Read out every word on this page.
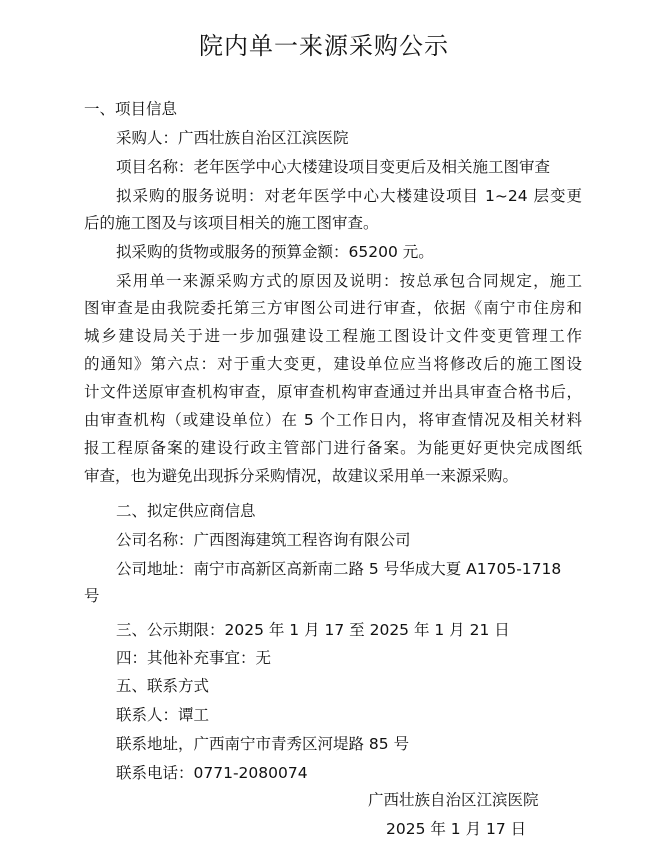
院内单一来源采购公示
一、项目信息
采购人：广西壮族自治区江滨医院
项目名称：老年医学中心大楼建设项目变更后及相关施工图审查
拟采购的服务说明：对老年医学中心大楼建设项目 1~24 层变更
后的施工图及与该项目相关的施工图审查。
拟采购的货物或服务的预算金额：65200 元。
采用单一来源采购方式的原因及说明：按总承包合同规定，施工
图审查是由我院委托第三方审图公司进行审查，依据《南宁市住房和
城乡建设局关于进一步加强建设工程施工图设计文件变更管理工作
的通知》第六点：对于重大变更，建设单位应当将修改后的施工图设
计文件送原审查机构审查，原审查机构审查通过并出具审查合格书后，
由审查机构（或建设单位）在 5 个工作日内，将审查情况及相关材料
报工程原备案的建设行政主管部门进行备案。为能更好更快完成图纸
审查，也为避免出现拆分采购情况，故建议采用单一来源采购。
二、拟定供应商信息
公司名称：广西图海建筑工程咨询有限公司
公司地址：南宁市高新区高新南二路 5 号华成大夏 A1705-1718
号
三、公示期限：2025 年 1 月 17 至 2025 年 1 月 21 日
四：其他补充事宜：无
五、联系方式
联系人：谭工
联系地址，广西南宁市青秀区河堤路 85 号
联系电话：0771-2080074
广西壮族自治区江滨医院
2025 年 1 月 17 日
